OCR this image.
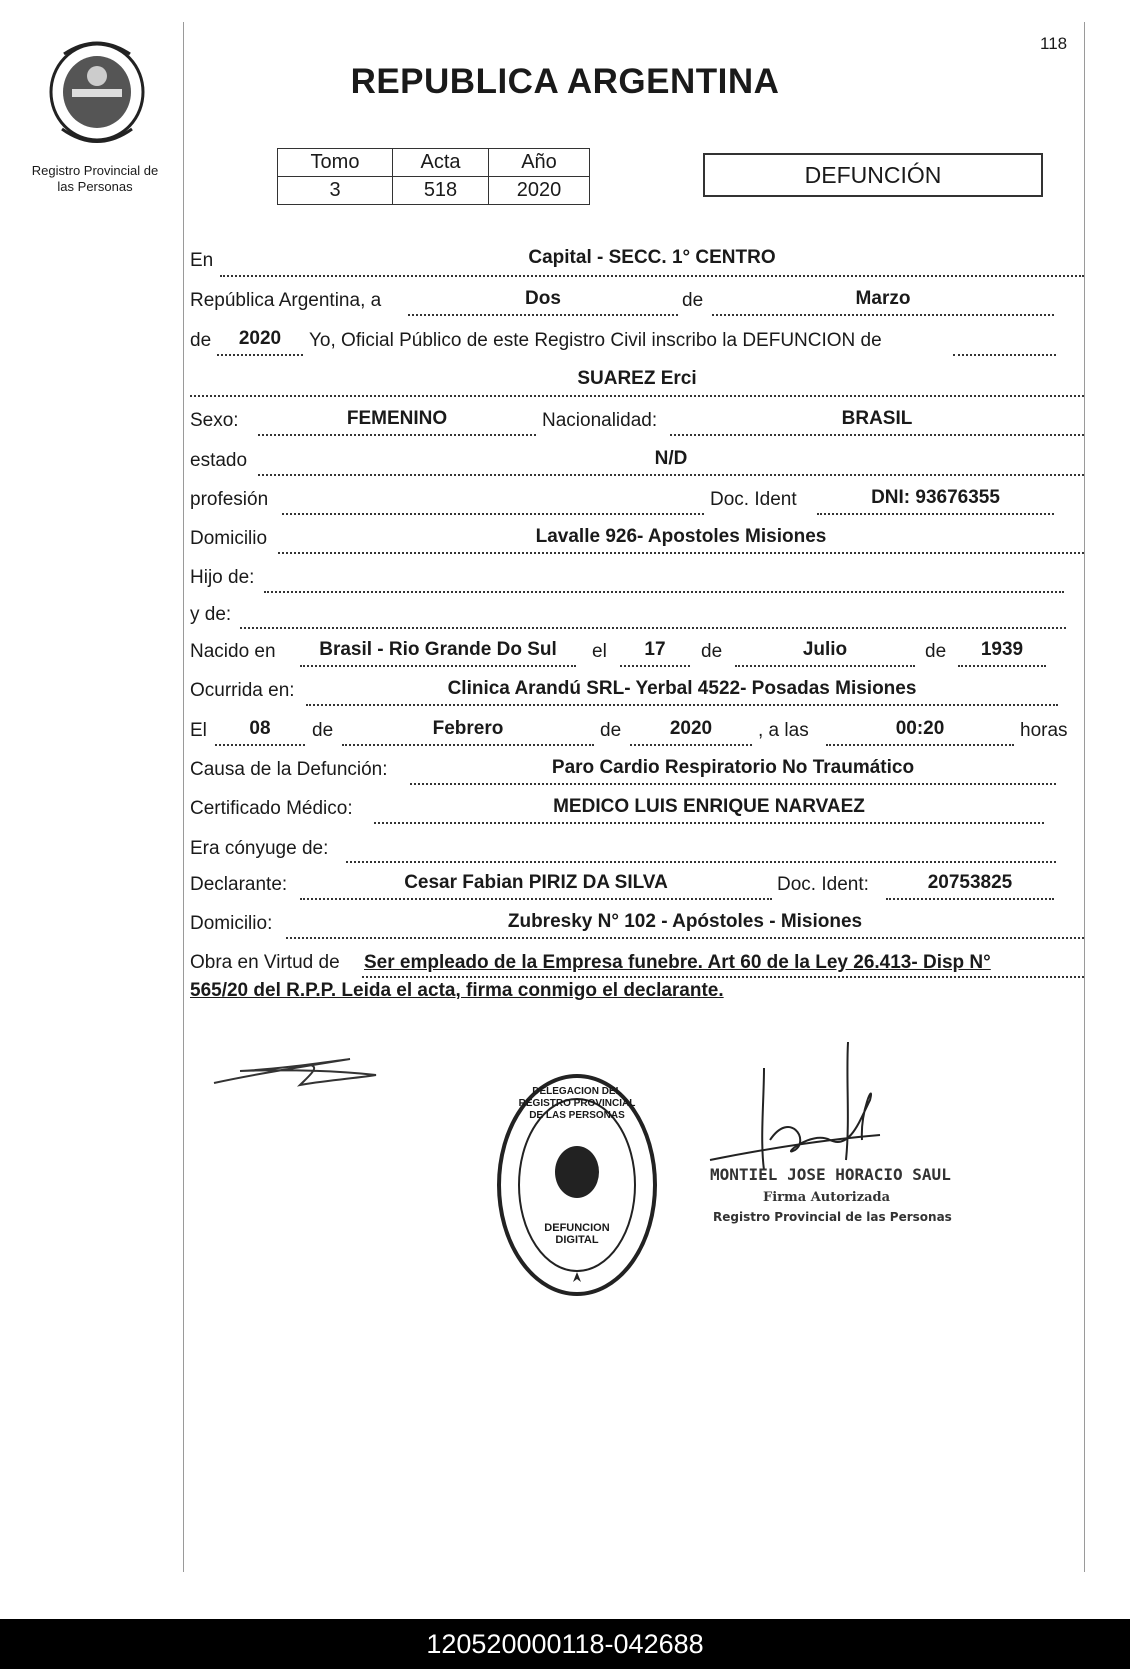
Registro Provincial de
las Personas
118
REPUBLICA ARGENTINA
Tomo	Acta	Año
3	518	2020
DEFUNCIÓN
En	Capital - SECC. 1° CENTRO
República Argentina, a	Dos	de	Marzo
de	2020	Yo, Oficial Público de este Registro Civil inscribo la DEFUNCION de
SUAREZ Erci
Sexo:	FEMENINO	Nacionalidad:	BRASIL
estado	N/D
profesión	Doc. Ident	DNI: 93676355
Domicilio	Lavalle 926- Apostoles Misiones
Hijo de:
y de:
Nacido en	Brasil - Rio Grande Do Sul	el	17	de	Julio	de	1939
Ocurrida en:	Clinica Arandú SRL- Yerbal 4522- Posadas Misiones
El	08	de	Febrero	de	2020	, a las	00:20	horas
Causa de la Defunción:	Paro Cardio Respiratorio No Traumático
Certificado Médico:	MEDICO LUIS ENRIQUE NARVAEZ
Era cónyuge de:
Declarante:	Cesar Fabian PIRIZ DA SILVA	Doc. Ident:	20753825
Domicilio:	Zubresky N° 102 - Apóstoles - Misiones
Obra en Virtud de Ser empleado de la Empresa funebre. Art 60 de la Ley 26.413- Disp N°
565/20 del R.P.P. Leida el acta, firma conmigo el declarante.
DELEGACION DEL REGISTRO PROVINCIAL DE LAS PERSONAS
DEFUNCION DIGITAL
MONTIEL JOSE HORACIO SAUL
Firma Autorizada
Registro Provincial de las Personas
120520000118-042688
